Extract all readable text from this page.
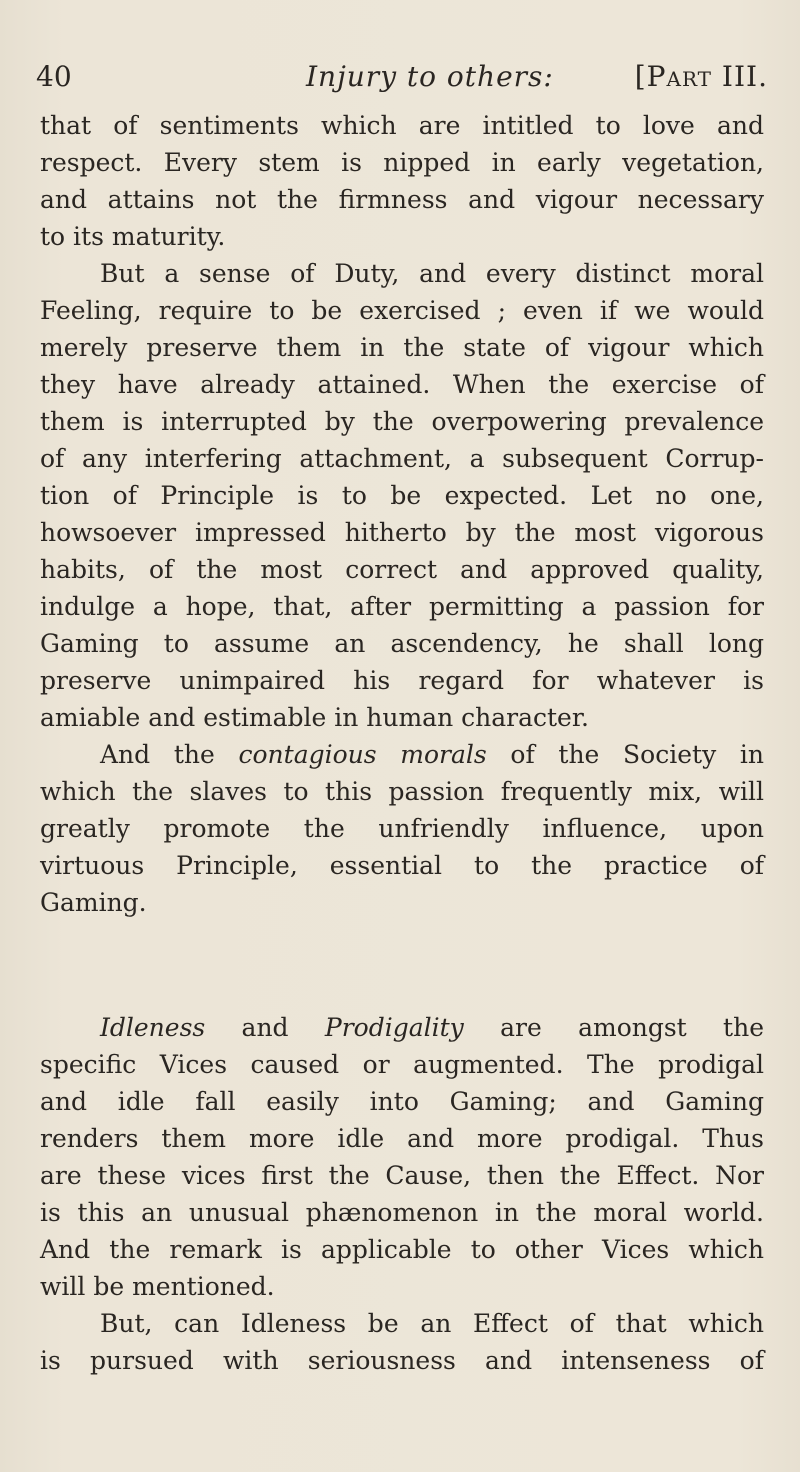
40	Injury to others:	[Part III.
that of sentiments which are intitled to love and
respect. Every stem is nipped in early vegetation,
and attains not the firmness and vigour necessary
to its maturity.
But a sense of Duty, and every distinct moral
Feeling, require to be exercised ; even if we would
merely preserve them in the state of vigour which
they have already attained. When the exercise of
them is interrupted by the overpowering prevalence
of any interfering attachment, a subsequent Corrup-
tion of Principle is to be expected. Let no one,
howsoever impressed hitherto by the most vigorous
habits, of the most correct and approved quality,
indulge a hope, that, after permitting a passion for
Gaming to assume an ascendency, he shall long
preserve unimpaired his regard for whatever is
amiable and estimable in human character.
And the contagious morals of the Society in
which the slaves to this passion frequently mix, will
greatly promote the unfriendly influence, upon
virtuous Principle, essential to the practice of
Gaming.
Idleness and Prodigality are amongst the
specific Vices caused or augmented. The prodigal
and idle fall easily into Gaming; and Gaming
renders them more idle and more prodigal. Thus
are these vices first the Cause, then the Effect. Nor
is this an unusual phænomenon in the moral world.
And the remark is applicable to other Vices which
will be mentioned.
But, can Idleness be an Effect of that which
is pursued with seriousness and intenseness of
